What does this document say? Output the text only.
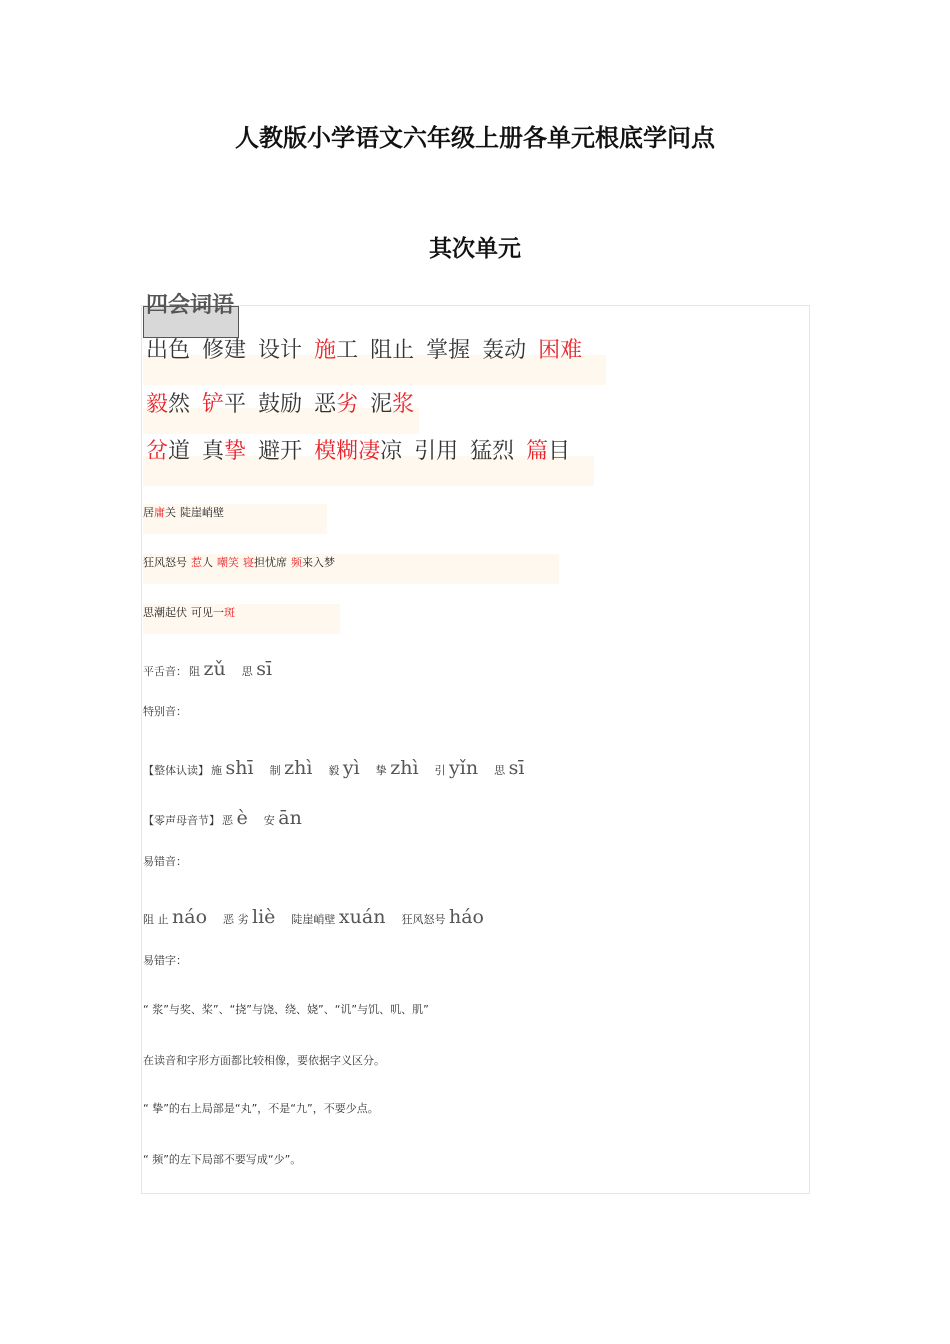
人教版小学语文六年级上册各单元根底学问点
其次单元
四会词语
出色 修建 设计 施工 阻止 掌握 轰动 困难
毅然 铲平 鼓励 恶劣 泥浆
岔道 真挚 避开 模糊凄凉 引用 猛烈 篇目
居庸关 陡崖峭壁
狂风怒号 惹人 嘲笑 寝担忧席 频来入梦
思潮起伏 可见一斑
平舌音： 阻 zǔ 思 sī
特别音：
【整体认读】 施 shī 制 zhì 毅 yì 挚 zhì 引 yǐn 思 sī
【零声母音节】 恶 è 安 ān
易错音：
阻 止 náo 恶 劣 liè 陡崖峭壁 xuán 狂风怒号 háo
易错字：
“ 浆”与奖、桨”、“挠”与饶、绕、娆”、“讥”与饥、叽、肌”
在读音和字形方面都比较相像，要依据字义区分。
“ 挚”的右上局部是“丸”，不是“九”，不要少点。
“ 频”的左下局部不要写成“少”。
